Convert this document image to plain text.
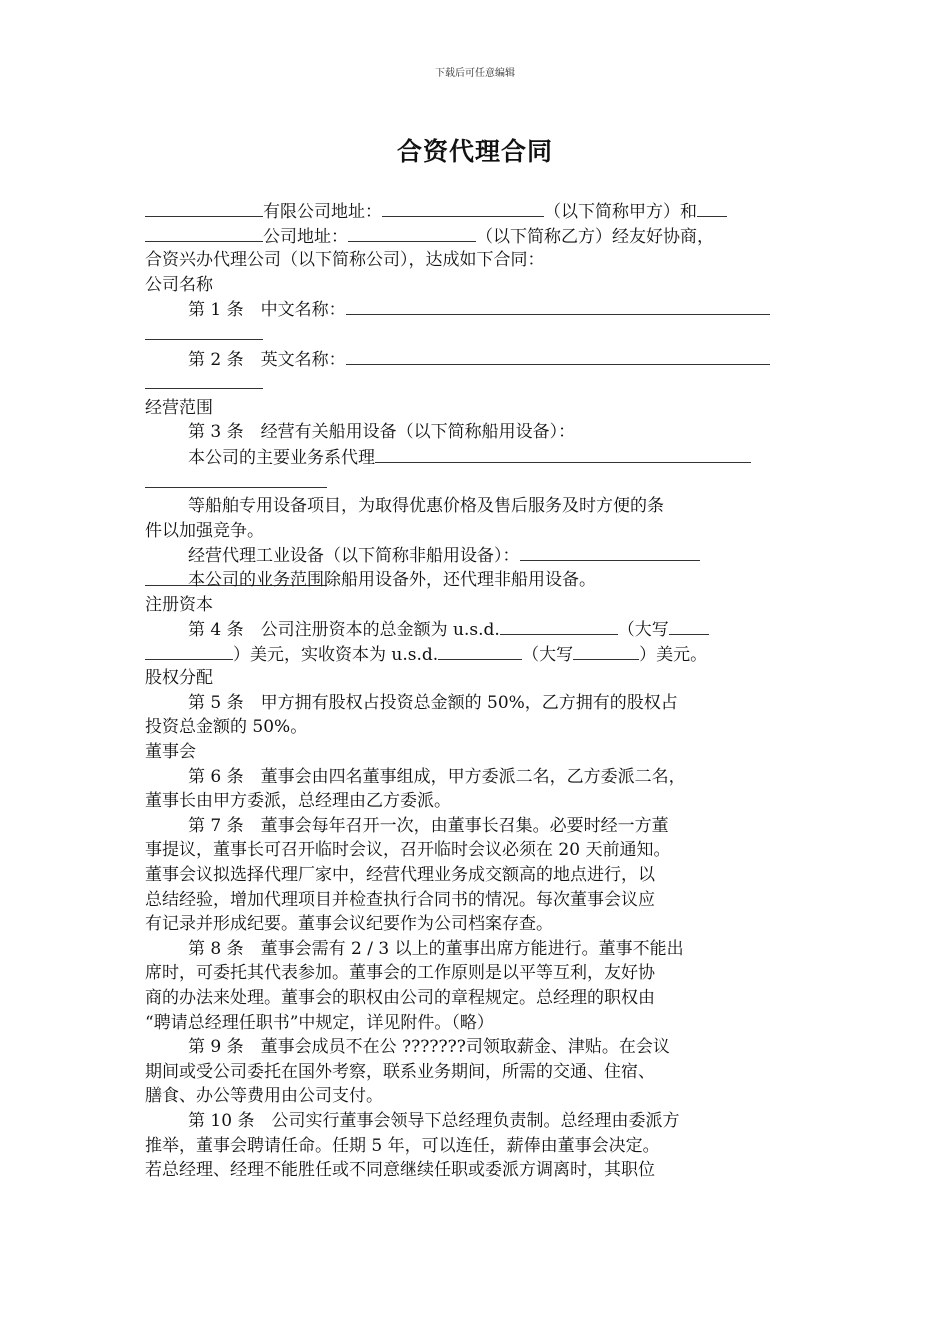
下载后可任意编辑
合资代理合同
有限公司地址：	（以下简称甲方）和
公司地址：	（以下简称乙方）经友好协商，
合资兴办代理公司（以下简称公司），达成如下合同：
公司名称
第 1 条　中文名称：
第 2 条　英文名称：
经营范围
第 3 条　经营有关船用设备（以下简称船用设备）：
本公司的主要业务系代理
等船舶专用设备项目，为取得优惠价格及售后服务及时方便的条
件以加强竞争。
经营代理工业设备（以下简称非船用设备）：
本公司的业务范围除船用设备外，还代理非船用设备。
注册资本
第 4 条　公司注册资本的总金额为 u.s.d.	（大写
）美元，实收资本为 u.s.d.	（大写	）美元。
股权分配
第 5 条　甲方拥有股权占投资总金额的 50%，乙方拥有的股权占
投资总金额的 50%。
董事会
第 6 条　董事会由四名董事组成，甲方委派二名，乙方委派二名，
董事长由甲方委派，总经理由乙方委派。
第 7 条　董事会每年召开一次，由董事长召集。必要时经一方董
事提议，董事长可召开临时会议，召开临时会议必须在 20 天前通知。
董事会议拟选择代理厂家中，经营代理业务成交额高的地点进行，以
总结经验，增加代理项目并检查执行合同书的情况。每次董事会议应
有记录并形成纪要。董事会议纪要作为公司档案存查。
第 8 条　董事会需有 2 / 3 以上的董事出席方能进行。董事不能出
席时，可委托其代表参加。董事会的工作原则是以平等互利，友好协
商的办法来处理。董事会的职权由公司的章程规定。总经理的职权由
“聘请总经理任职书”中规定，详见附件。（略）
第 9 条　董事会成员不在公 ???????司领取薪金、津贴。在会议
期间或受公司委托在国外考察，联系业务期间，所需的交通、住宿、
膳食、办公等费用由公司支付。
第 10 条　公司实行董事会领导下总经理负责制。总经理由委派方
推举，董事会聘请任命。任期 5 年，可以连任，薪俸由董事会决定。
若总经理、经理不能胜任或不同意继续任职或委派方调离时，其职位
